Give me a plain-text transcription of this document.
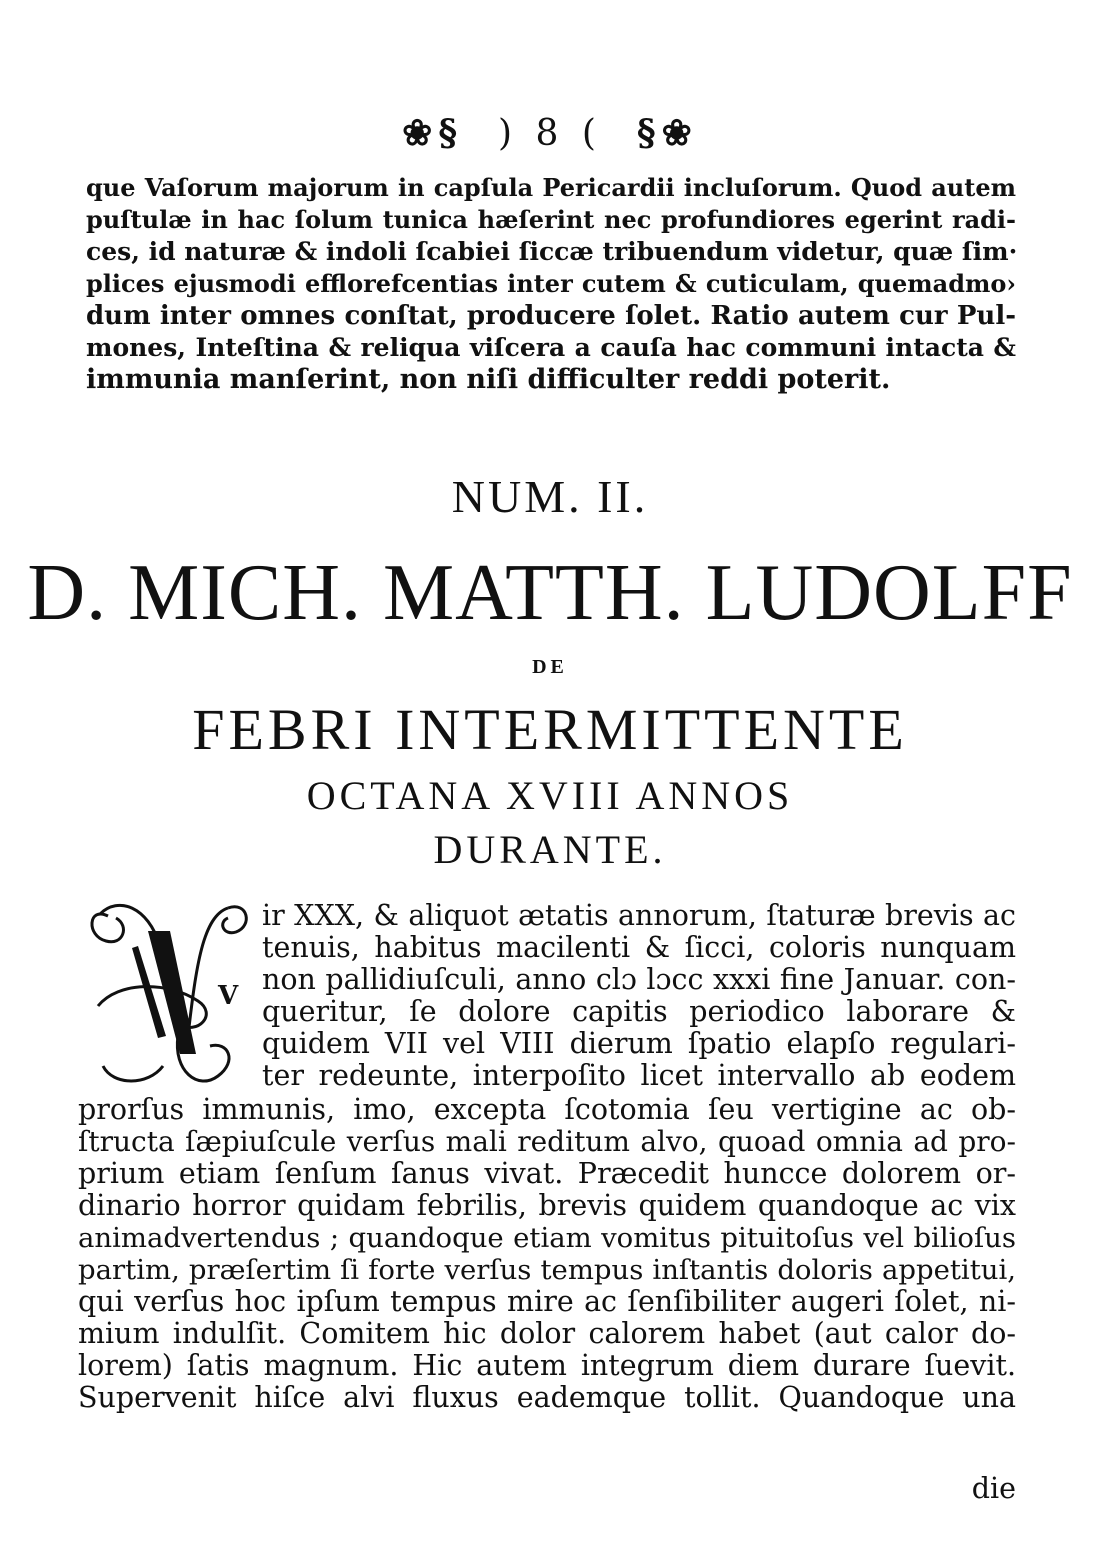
❀§ ) 8 ( §❀
que Vaſorum majorum in capſula Pericardii incluſorum. Quod autem
puſtulæ in hac ſolum tunica hæſerint nec profundiores egerint radi-
ces, id naturæ & indoli ſcabiei ſiccæ tribuendum videtur, quæ ſim·
plices ejusmodi efflorefcentias inter cutem & cuticulam, quemadmo›
dum inter omnes conſtat, producere ſolet. Ratio autem cur Pul-
mones, Inteſtina & reliqua viſcera a cauſa hac communi intacta &
immunia manſerint, non niſi difficulter reddi poterit.
NUM. II.
D. MICH. MATTH. LUDOLFF
DE
FEBRI INTERMITTENTE
OCTANA XVIII ANNOS
DURANTE.
V
ir XXX, & aliquot ætatis annorum, ſtaturæ brevis ac
tenuis, habitus macilenti & ſicci, coloris nunquam
non pallidiuſculi, anno clɔ lɔcc xxxi fine Januar. con-
queritur, ſe dolore capitis periodico laborare &
quidem VII vel VIII dierum ſpatio elapſo regulari-
ter redeunte, interpoſito licet intervallo ab eodem
prorſus immunis, imo, excepta ſcotomia ſeu vertigine ac ob-
ſtructa ſæpiuſcule verſus mali reditum alvo, quoad omnia ad pro-
prium etiam ſenſum ſanus vivat. Præcedit huncce dolorem or-
dinario horror quidam febrilis, brevis quidem quandoque ac vix
animadvertendus ; quandoque etiam vomitus pituitoſus vel bilioſus
partim, præſertim ſi forte verſus tempus inſtantis doloris appetitui,
qui verſus hoc ipſum tempus mire ac ſenſibiliter augeri ſolet, ni-
mium indulſit. Comitem hic dolor calorem habet (aut calor do-
lorem) ſatis magnum. Hic autem integrum diem durare ſuevit.
Supervenit hiſce alvi fluxus eademque tollit. Quandoque una
die
